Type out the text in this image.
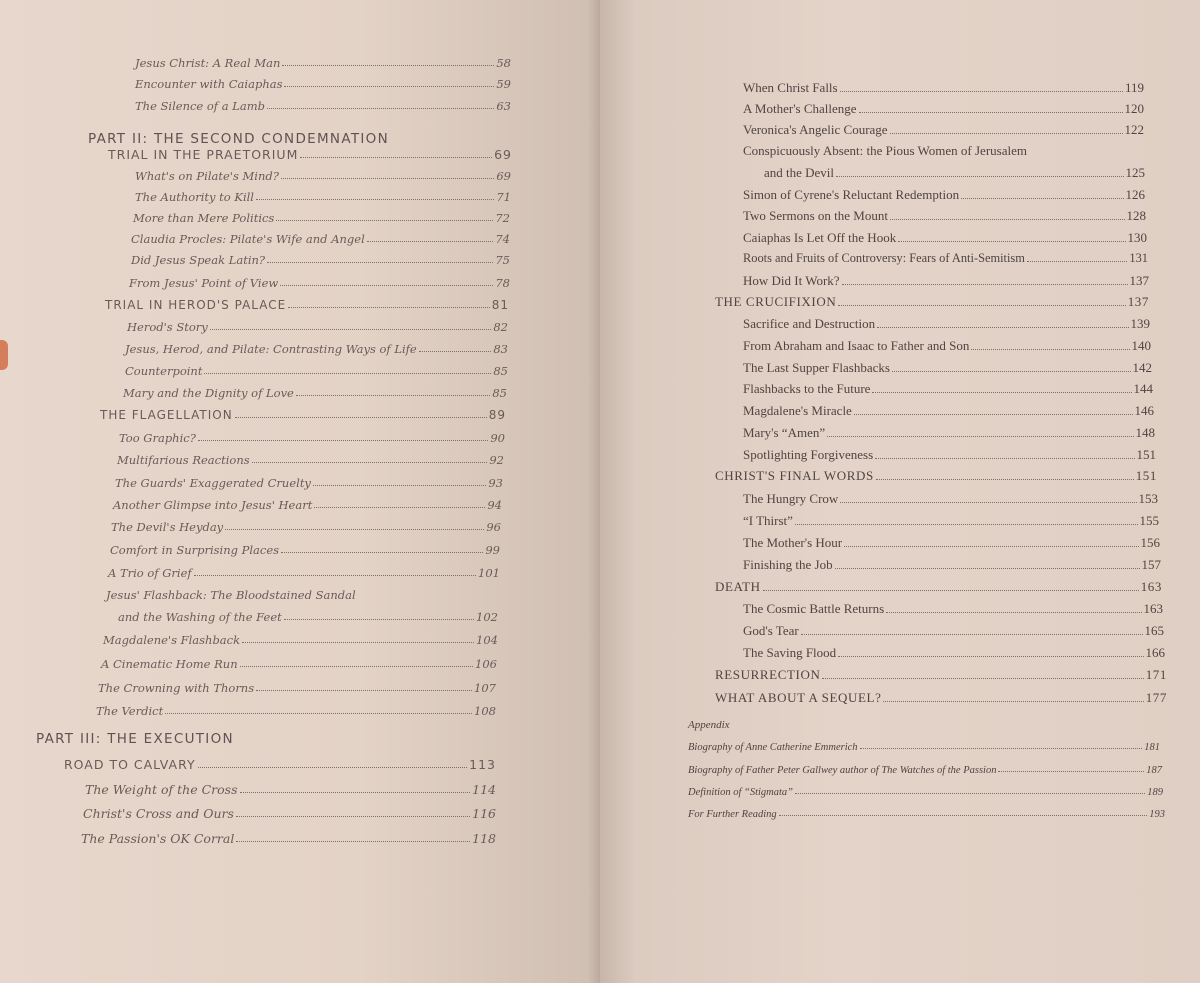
Jesus Christ: A Real Man	58
Encounter with Caiaphas	59
The Silence of a Lamb	63
PART II: THE SECOND CONDEMNATION
TRIAL IN THE PRAETORIUM	69
What's on Pilate's Mind?	69
The Authority to Kill	71
More than Mere Politics	72
Claudia Procles: Pilate's Wife and Angel	74
Did Jesus Speak Latin?	75
From Jesus' Point of View	78
TRIAL IN HEROD'S PALACE	81
Herod's Story	82
Jesus, Herod, and Pilate: Contrasting Ways of Life	83
Counterpoint	85
Mary and the Dignity of Love	85
THE FLAGELLATION	89
Too Graphic?	90
Multifarious Reactions	92
The Guards' Exaggerated Cruelty	93
Another Glimpse into Jesus' Heart	94
The Devil's Heyday	96
Comfort in Surprising Places	99
A Trio of Grief	101
Jesus' Flashback: The Bloodstained Sandal
and the Washing of the Feet	102
Magdalene's Flashback	104
A Cinematic Home Run	106
The Crowning with Thorns	107
The Verdict	108
PART III: THE EXECUTION
ROAD TO CALVARY	113
The Weight of the Cross	114
Christ's Cross and Ours	116
The Passion's OK Corral	118
When Christ Falls	119
A Mother's Challenge	120
Veronica's Angelic Courage	122
Conspicuously Absent: the Pious Women of Jerusalem
and the Devil	125
Simon of Cyrene's Reluctant Redemption	126
Two Sermons on the Mount	128
Caiaphas Is Let Off the Hook	130
Roots and Fruits of Controversy: Fears of Anti-Semitism	131
How Did It Work?	137
THE CRUCIFIXION	137
Sacrifice and Destruction	139
From Abraham and Isaac to Father and Son	140
The Last Supper Flashbacks	142
Flashbacks to the Future	144
Magdalene's Miracle	146
Mary's “Amen”	148
Spotlighting Forgiveness	151
CHRIST'S FINAL WORDS	151
The Hungry Crow	153
“I Thirst”	155
The Mother's Hour	156
Finishing the Job	157
DEATH	163
The Cosmic Battle Returns	163
God's Tear	165
The Saving Flood	166
RESURRECTION	171
WHAT ABOUT A SEQUEL?	177
Appendix
Biography of Anne Catherine Emmerich	181
Biography of Father Peter Gallwey author of The Watches of the Passion	187
Definition of “Stigmata”	189
For Further Reading	193
